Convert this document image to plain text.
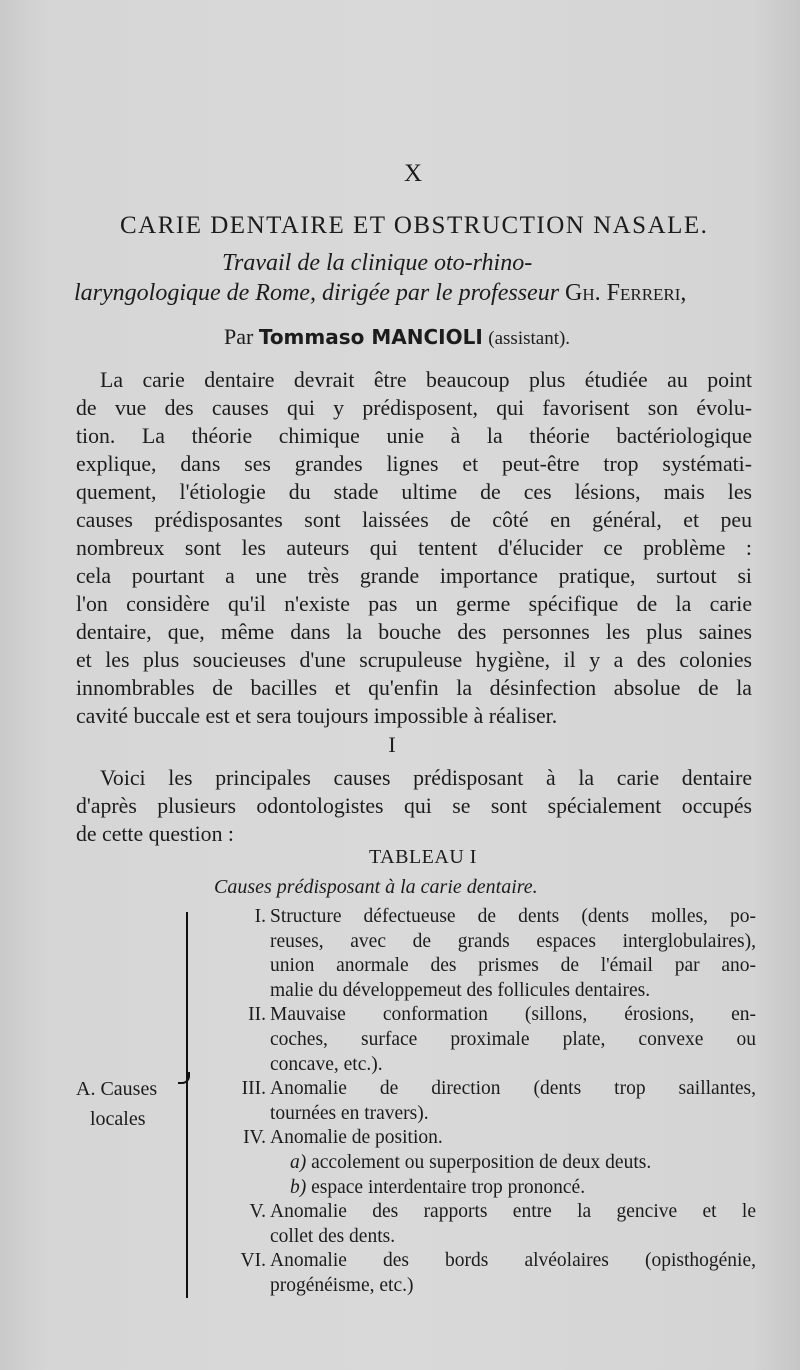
X
CARIE DENTAIRE ET OBSTRUCTION NASALE.
Travail de la clinique oto-rhino-
laryngologique de Rome, dirigée par le professeur Gh. Ferreri,
Par Tommaso MANCIOLI (assistant).
La carie dentaire devrait être beaucoup plus étudiée au point
de vue des causes qui y prédisposent, qui favorisent son évolu-
tion. La théorie chimique unie à la théorie bactériologique
explique, dans ses grandes lignes et peut-être trop systémati-
quement, l'étiologie du stade ultime de ces lésions, mais les
causes prédisposantes sont laissées de côté en général, et peu
nombreux sont les auteurs qui tentent d'élucider ce problème :
cela pourtant a une très grande importance pratique, surtout si
l'on considère qu'il n'existe pas un germe spécifique de la carie
dentaire, que, même dans la bouche des personnes les plus saines
et les plus soucieuses d'une scrupuleuse hygiène, il y a des colonies
innombrables de bacilles et qu'enfin la désinfection absolue de la
cavité buccale est et sera toujours impossible à réaliser.
I
Voici les principales causes prédisposant à la carie dentaire
d'après plusieurs odontologistes qui se sont spécialement occupés
de cette question :
TABLEAU I
Causes prédisposant à la carie dentaire.
A. Causes
locales
I. Structure défectueuse de dents (dents molles, po-
reuses, avec de grands espaces interglobulaires),
union anormale des prismes de l'émail par ano-
malie du développemeut des follicules dentaires.
II. Mauvaise conformation (sillons, érosions, en-
coches, surface proximale plate, convexe ou
concave, etc.).
III. Anomalie de direction (dents trop saillantes,
tournées en travers).
IV. Anomalie de position.
a) accolement ou superposition de deux deuts.
b) espace interdentaire trop prononcé.
V. Anomalie des rapports entre la gencive et le
collet des dents.
VI. Anomalie des bords alvéolaires (opisthogénie,
progénéisme, etc.)
